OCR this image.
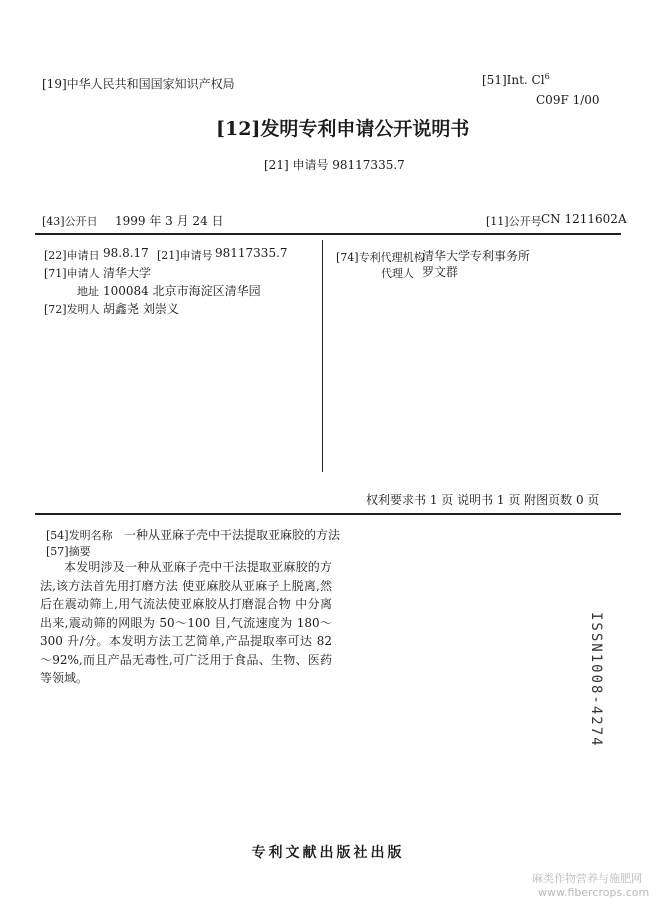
[19]中华人民共和国国家知识产权局	[51]Int. Cl$^6$
C09F 1/00
[12]发明专利申请公开说明书
[21] 申请号 98117335.7
[43]公开日 1999 年 3 月 24 日	[11]公开号 CN 1211602A
[22]申请日 98.8.17 [21]申请号 98117335.7
[71]申请人 清华大学
地址 100084 北京市海淀区清华园
[72]发明人 胡鑫尧 刘崇义
[74]专利代理机构
清华大学专利事务所
代理人 罗文群
权利要求书 1 页 说明书 1 页 附图页数 0 页
[54]发明名称 一种从亚麻子壳中干法提取亚麻胶的方法
[57]摘要
本发明涉及一种从亚麻子壳中干法提取亚麻胶的方法,该方法首先用打磨方法 使亚麻胶从亚麻子上脱离,然后在震动筛上,用气流法使亚麻胶从打磨混合物 中分离出来,震动筛的网眼为 50～100 目,气流速度为 180～300 升/分。本发明方法工艺简单,产品提取率可达 82～92%,而且产品无毒性,可广泛用于食品、生物、医药等领域。	ISSN1008-4274
专利文献出版社出版
麻类作物营养与施肥网
www.fibercrops.com
